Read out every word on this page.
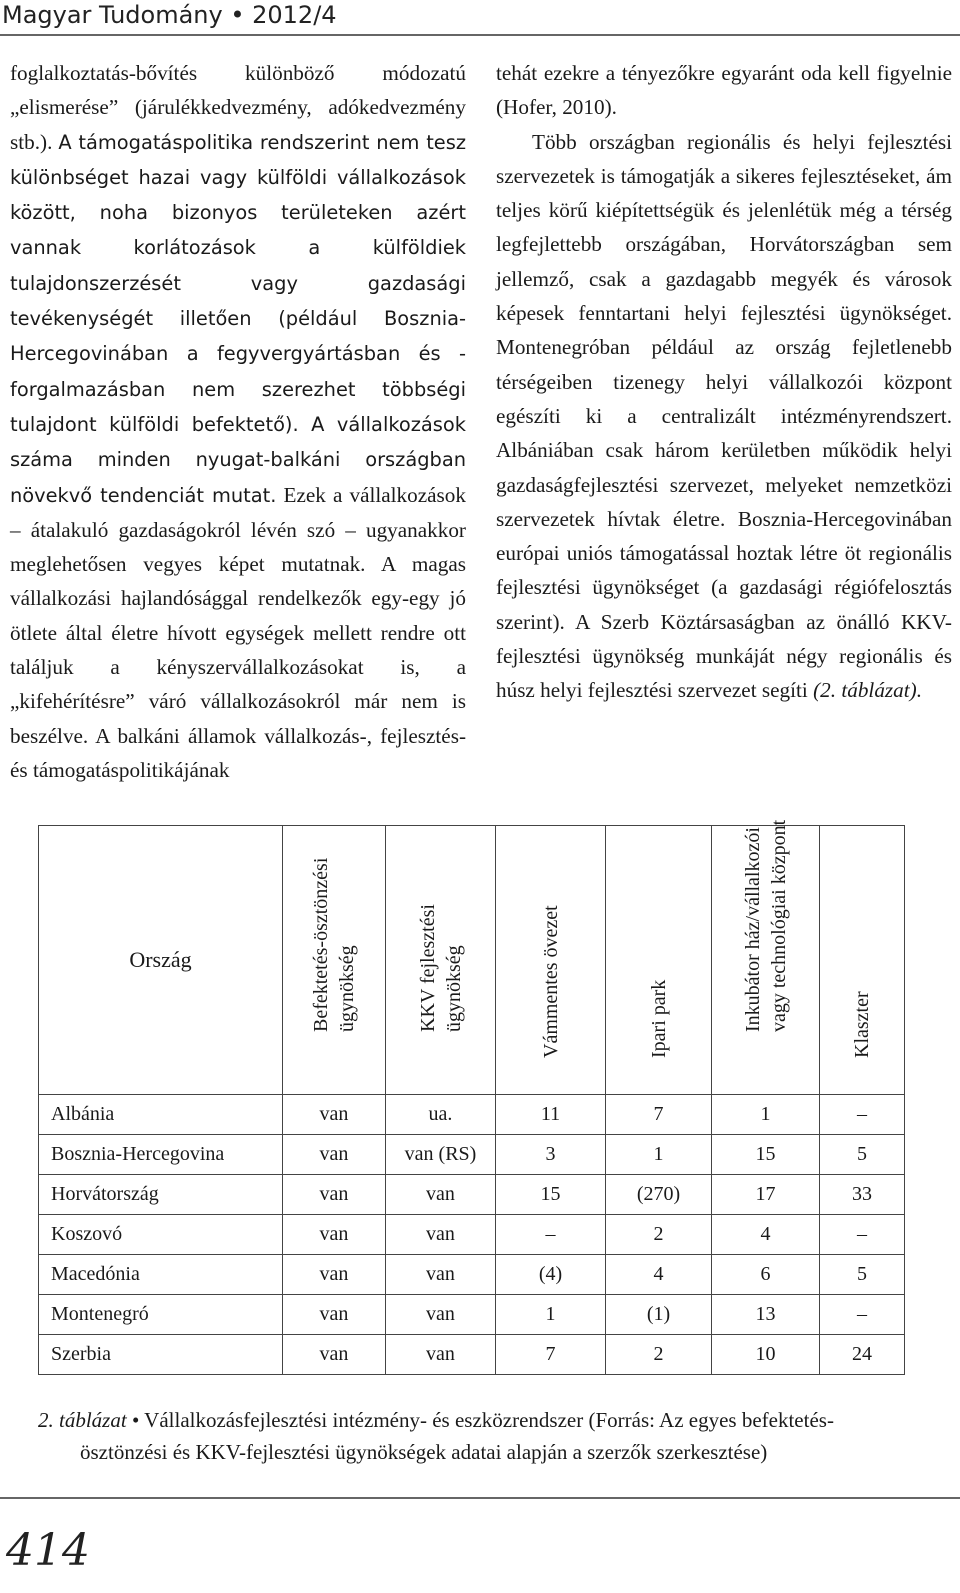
Magyar Tudomány • 2012/4

foglalkoztatás-bővítés különböző módozatú „elismerése” (járulékkedvezmény, adókedvezmény stb.). A támogatáspolitika rendszerint nem tesz különbséget hazai vagy külföldi vállalkozások között, noha bizonyos területeken azért vannak korlátozások a külföldiek tulajdonszerzését vagy gazdasági tevékenységét illetően (például Bosznia-Hercegovinában a fegyvergyártásban és -forgalmazásban nem szerezhet többségi tulajdont külföldi befektető). A vállalkozások száma minden nyugat-balkáni országban növekvő tendenciát mutat. Ezek a vállalkozások – átalakuló gazdaságokról lévén szó – ugyanakkor meglehetősen vegyes képet mutatnak. A magas vállalkozási hajlandósággal rendelkezők egy-egy jó ötlete által életre hívott egységek mellett rendre ott találjuk a kényszervállalkozásokat is, a „kifehérítésre” váró vállalkozásokról már nem is beszélve. A balkáni államok vállalkozás-, fejlesztés- és támogatáspolitikájának

tehát ezekre a tényezőkre egyaránt oda kell figyelnie (Hofer, 2010).

Több országban regionális és helyi fejlesztési szervezetek is támogatják a sikeres fejlesztéseket, ám teljes körű kiépítettségük és jelenlétük még a térség legfejlettebb országában, Horvátországban sem jellemző, csak a gazdagabb megyék és városok képesek fenntartani helyi fejlesztési ügynökséget. Montenegróban például az ország fejletlenebb térségeiben tizenegy helyi vállalkozói központ egészíti ki a centralizált intézményrendszert. Albániában csak három kerületben működik helyi gazdaságfejlesztési szervezet, melyeket nemzetközi szervezetek hívtak életre. Bosznia-Hercegovinában európai uniós támogatással hoztak létre öt regionális fejlesztési ügynökséget (a gazdasági régiófelosztás szerint). A Szerb Köztársaságban az önálló KKV-fejlesztési ügynökség munkáját négy regionális és húsz helyi fejlesztési szervezet segíti (2. táblázat).

Ország	Befektetés-ösztönzési ügynökség	KKV fejlesztési ügynökség	Vámmentes övezet	Ipari park	Inkubátor ház/vállalkozói vagy technológiai központ	Klaszter

Albánia	van	ua.	11	7	1	–
Bosznia-Hercegovina	van	van (RS)	3	1	15	5
Horvátország	van	van	15	(270)	17	33
Koszovó	van	van	–	2	4	–
Macedónia	van	van	(4)	4	6	5
Montenegró	van	van	1	(1)	13	–
Szerbia	van	van	7	2	10	24
2. táblázat • Vállalkozásfejlesztési intézmény- és eszközrendszer (Forrás: Az egyes befektetés-
ösztönzési és KKV-fejlesztési ügynökségek adatai alapján a szerzők szerkesztése)
414
